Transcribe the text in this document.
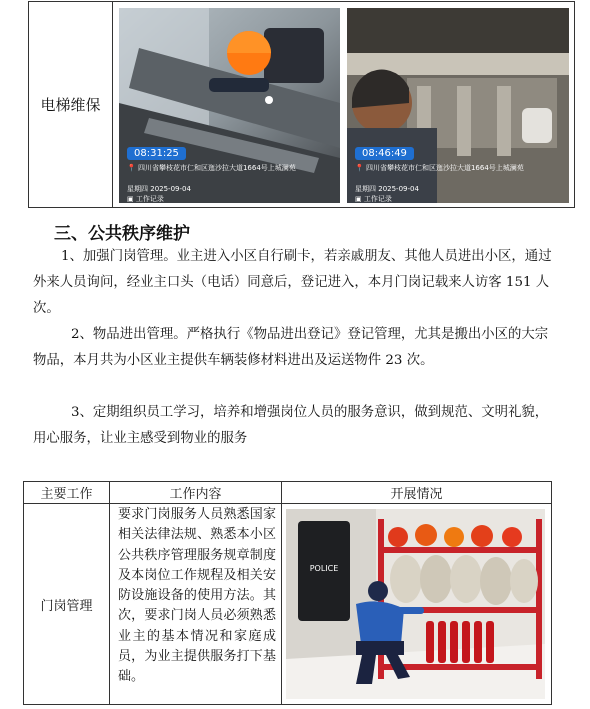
电梯维保
08:31:25
📍 四川省攀枝花市仁和区迤沙拉大道1664号上城澜苑
星期四 2025-09-04
▣ 工作记录
08:46:49
📍 四川省攀枝花市仁和区迤沙拉大道1664号上城澜苑
星期四 2025-09-04
▣ 工作记录
三、公共秩序维护

1、加强门岗管理。业主进入小区自行刷卡，若亲戚朋友、其他人员进出小区，通过外来人员询问，经业主口头（电话）同意后，登记进入，本月门岗记载来人访客 151 人次。

2、物品进出管理。严格执行《物品进出登记》登记管理，尤其是搬出小区的大宗物品，本月共为小区业主提供车辆装修材料进出及运送物件 23 次。

3、定期组织员工学习，培养和增强岗位人员的服务意识，做到规范、文明礼貌，用心服务，让业主感受到物业的服务

主要工作	工作内容	开展情况
门岗管理	要求门岗服务人员熟悉国家相关法律法规、熟悉本小区公共秩序管理服务规章制度及本岗位工作规程及相关安防设施设备的使用方法。其次，要求门岗人员必须熟悉业主的基本情况和家庭成员，为业主提供服务打下基础。	POLICE
